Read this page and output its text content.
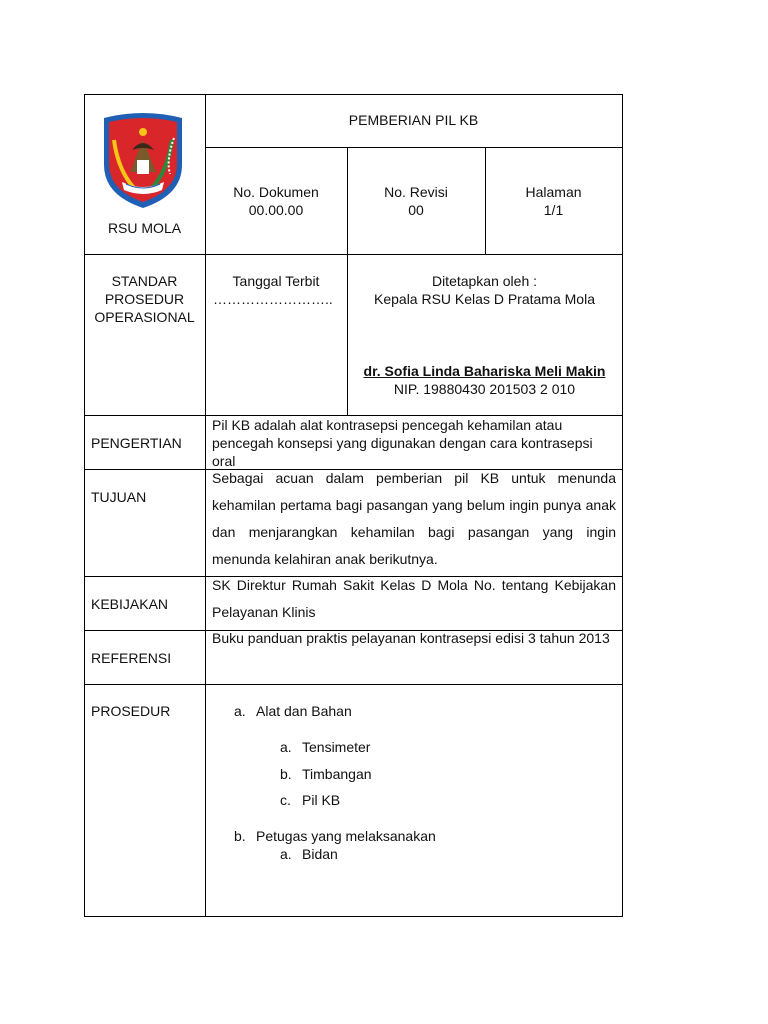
RSU MOLA
PEMBERIAN PIL KB
No. Dokumen
00.00.00
No. Revisi
00
Halaman
1/1
STANDAR
PROSEDUR
OPERASIONAL
Tanggal Terbit
……………………..
Ditetapkan oleh :
Kepala RSU Kelas D Pratama Mola
dr. Sofia Linda Bahariska Meli Makin
NIP. 19880430 201503 2 010
PENGERTIAN
Pil KB adalah alat kontrasepsi pencegah kehamilan atau pencegah konsepsi yang digunakan dengan cara kontrasepsi oral
TUJUAN
Sebagai acuan dalam pemberian pil KB untuk menunda kehamilan pertama bagi pasangan yang belum ingin punya anak dan menjarangkan kehamilan bagi pasangan yang ingin menunda kelahiran anak berikutnya.
KEBIJAKAN
SK Direktur Rumah Sakit Kelas D Mola No. tentang Kebijakan Pelayanan Klinis
REFERENSI
Buku panduan praktis pelayanan kontrasepsi edisi 3 tahun 2013
PROSEDUR	a. Alat dan Bahan
a. Tensimeter
b. Timbangan
c. Pil KB
b. Petugas yang melaksanakan
a. Bidan
